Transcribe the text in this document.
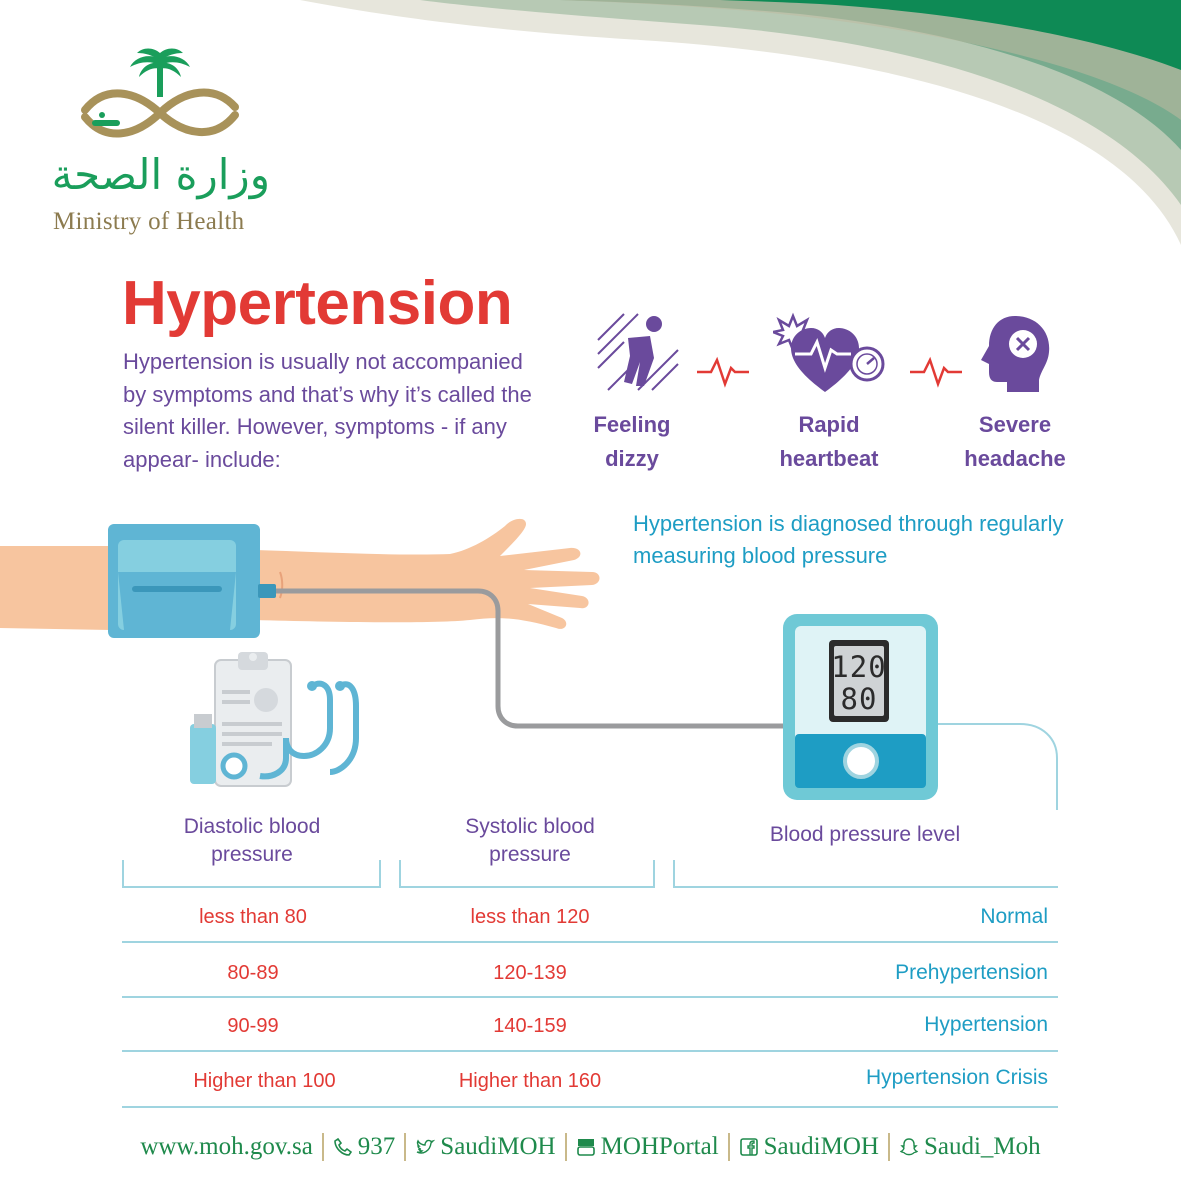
وزارة الصحة
Ministry of Health
Hypertension

Hypertension is usually not accompanied by symptoms and that’s why it’s called the silent killer. However, symptoms - if any appear- include:

Feeling
dizzy
Rapid
heartbeat
Severe
headache

Hypertension is diagnosed through regularly measuring blood pressure

120
80
Diastolic blood
pressure
Systolic blood
pressure
Blood pressure level
less than 80	less than 120	Normal
80-89	120-139	Prehypertension
90-99	140-159	Hypertension
Higher than 100	Higher than 160	Hypertension Crisis
www.moh.gov.sa 937 SaudiMOH MOHPortal SaudiMOH Saudi_Moh
